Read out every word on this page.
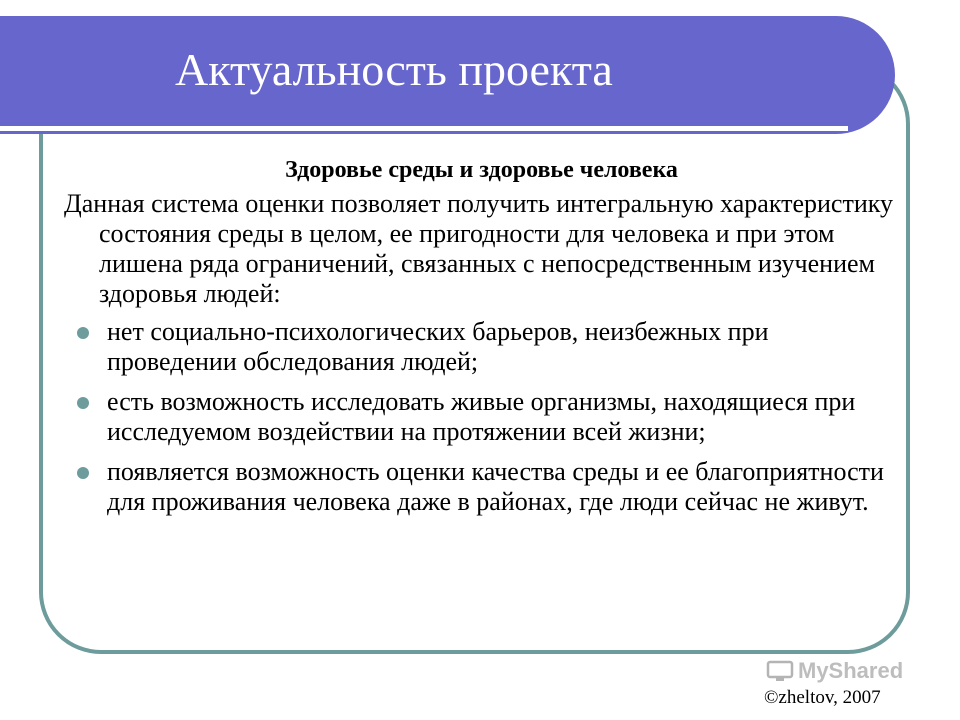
Актуальность проекта

Здоровье среды и здоровье человека

Данная система оценки позволяет получить интегральную характеристику состояния среды в целом, ее пригодности для человека и при этом лишена ряда ограничений, связанных с непосредственным изучением здоровья людей:

нет социально-психологических барьеров, неизбежных при проведении обследования людей;
есть возможность исследовать живые организмы, находящиеся при исследуемом воздействии на протяжении всей жизни;
появляется возможность оценки качества среды и ее благоприятности для проживания человека даже в районах, где люди сейчас не живут.
MyShared
©zheltov, 2007
